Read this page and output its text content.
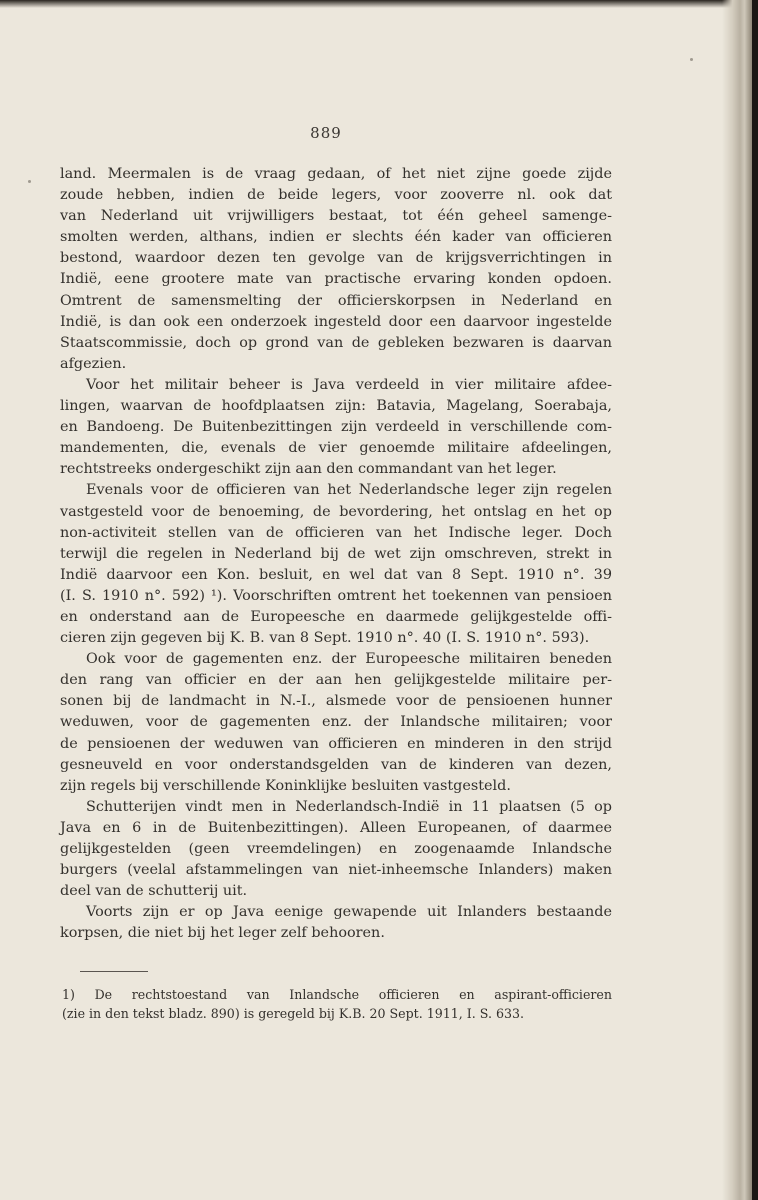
889

land. Meermalen is de vraag gedaan, of het niet zijne goede zijde

zoude hebben, indien de beide legers, voor zooverre nl. ook dat

van Nederland uit vrijwilligers bestaat, tot één geheel samenge-

smolten werden, althans, indien er slechts één kader van officieren

bestond, waardoor dezen ten gevolge van de krijgsverrichtingen in

Indië, eene grootere mate van practische ervaring konden opdoen.

Omtrent de samensmelting der officierskorpsen in Nederland en

Indië, is dan ook een onderzoek ingesteld door een daarvoor ingestelde

Staatscommissie, doch op grond van de gebleken bezwaren is daarvan

afgezien.

Voor het militair beheer is Java verdeeld in vier militaire afdee-

lingen, waarvan de hoofdplaatsen zijn: Batavia, Magelang, Soerabaja,

en Bandoeng. De Buitenbezittingen zijn verdeeld in verschillende com-

mandementen, die, evenals de vier genoemde militaire afdeelingen,

rechtstreeks ondergeschikt zijn aan den commandant van het leger.

Evenals voor de officieren van het Nederlandsche leger zijn regelen

vastgesteld voor de benoeming, de bevordering, het ontslag en het op

non-activiteit stellen van de officieren van het Indische leger. Doch

terwijl die regelen in Nederland bij de wet zijn omschreven, strekt in

Indië daarvoor een Kon. besluit, en wel dat van 8 Sept. 1910 n°. 39

(I. S. 1910 n°. 592) ¹). Voorschriften omtrent het toekennen van pensioen

en onderstand aan de Europeesche en daarmede gelijkgestelde offi-

cieren zijn gegeven bij K. B. van 8 Sept. 1910 n°. 40 (I. S. 1910 n°. 593).

Ook voor de gagementen enz. der Europeesche militairen beneden

den rang van officier en der aan hen gelijkgestelde militaire per-

sonen bij de landmacht in N.-I., alsmede voor de pensioenen hunner

weduwen, voor de gagementen enz. der Inlandsche militairen; voor

de pensioenen der weduwen van officieren en minderen in den strijd

gesneuveld en voor onderstandsgelden van de kinderen van dezen,

zijn regels bij verschillende Koninklijke besluiten vastgesteld.

Schutterijen vindt men in Nederlandsch-Indië in 11 plaatsen (5 op

Java en 6 in de Buitenbezittingen). Alleen Europeanen, of daarmee

gelijkgestelden (geen vreemdelingen) en zoogenaamde Inlandsche

burgers (veelal afstammelingen van niet-inheemsche Inlanders) maken

deel van de schutterij uit.

Voorts zijn er op Java eenige gewapende uit Inlanders bestaande

korpsen, die niet bij het leger zelf behooren.

1) De rechtstoestand van Inlandsche officieren en aspirant-officieren

(zie in den tekst bladz. 890) is geregeld bij K.B. 20 Sept. 1911, I. S. 633.
